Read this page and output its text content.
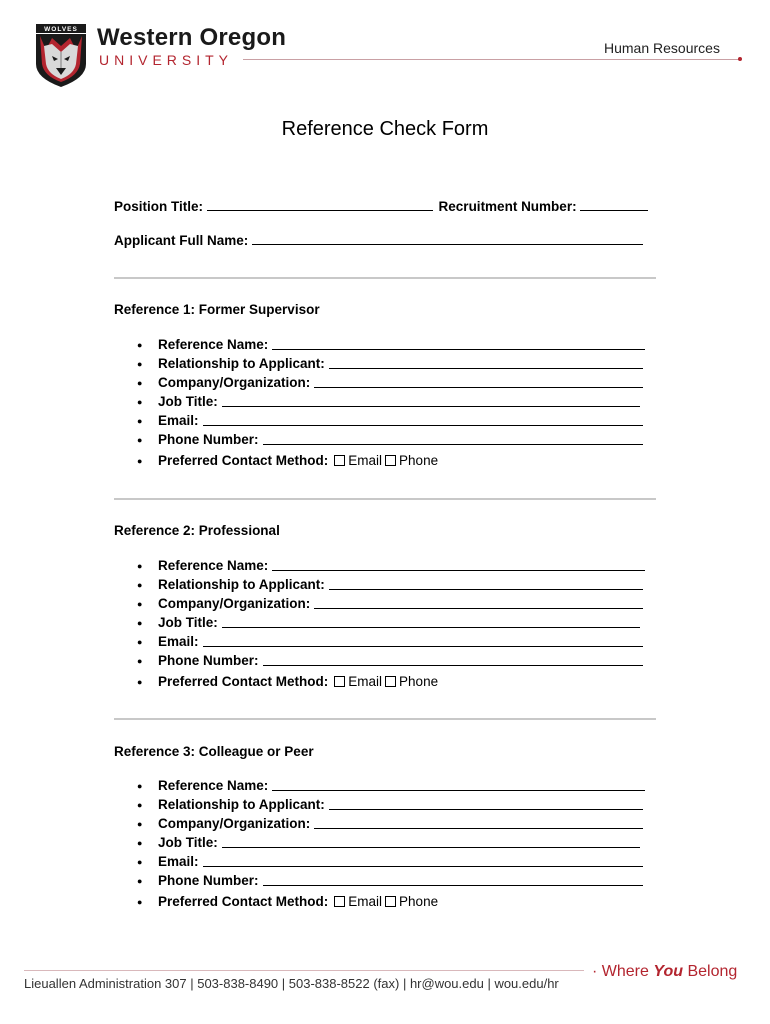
WOLVES Western Oregon
UNIVERSITY
Human Resources
Reference Check Form
Position Title:	Recruitment Number:
Applicant Full Name:
Reference 1: Former Supervisor
●	Reference Name:
●	Relationship to Applicant:
●	Company/Organization:
●	Job Title:
●	Email:
●	Phone Number:
●	Preferred Contact Method: Email Phone
Reference 2: Professional
●	Reference Name:
●	Relationship to Applicant:
●	Company/Organization:
●	Job Title:
●	Email:
●	Phone Number:
●	Preferred Contact Method: Email Phone
Reference 3: Colleague or Peer
●	Reference Name:
●	Relationship to Applicant:
●	Company/Organization:
●	Job Title:
●	Email:
●	Phone Number:
●	Preferred Contact Method: Email Phone
Lieuallen Administration 307 | 503-838-8490 | 503-838-8522 (fax) | hr@wou.edu | wou.edu/hr
· Where You Belong
